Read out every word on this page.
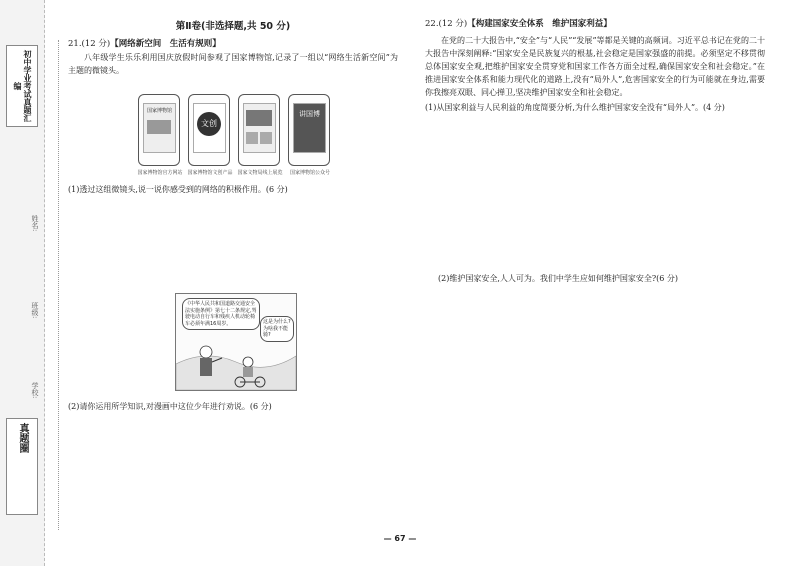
初中学业考试真题汇编
真题圈
姓名:
班级:
学校:
第Ⅱ卷(非选择题,共 50 分)
21.(12 分)【网络新空间　生活有规则】
八年级学生乐乐利用国庆放假时间参观了国家博物馆,记录了一组以“网络生活新空间”为主题的微镜头。
国家博物馆
国家博物馆官方网站
文创
国家博物馆文创产品 国家文物局线上展览
讲国博
国家博物馆公众号
(1)透过这组微镜头,说一说你感受到的网络的积极作用。(6 分)
《中华人民共和国道路交通安全法实施条例》第七十二条规定,驾驶电动自行车和残疾人机动轮椅车必须年满16周岁。	这是为什么?为啥我不能骑?
(2)请你运用所学知识,对漫画中这位少年进行劝说。(6 分)
22.(12 分)【构建国家安全体系　维护国家利益】
在党的二十大报告中,“安全”与“人民”“发展”等都是关键的高频词。习近平总书记在党的二十大报告中深刻阐释:“国家安全是民族复兴的根基,社会稳定是国家强盛的前提。必须坚定不移贯彻总体国家安全观,把维护国家安全贯穿党和国家工作各方面全过程,确保国家安全和社会稳定。”在推进国家安全体系和能力现代化的道路上,没有“局外人”,危害国家安全的行为可能就在身边,需要你我擦亮双眼、同心掸卫,坚决维护国家安全和社会稳定。
(1)从国家利益与人民利益的角度简要分析,为什么维护国家安全没有“局外人”。(4 分)
(2)维护国家安全,人人可为。我们中学生应如何维护国家安全?(6 分)
— 67 —
